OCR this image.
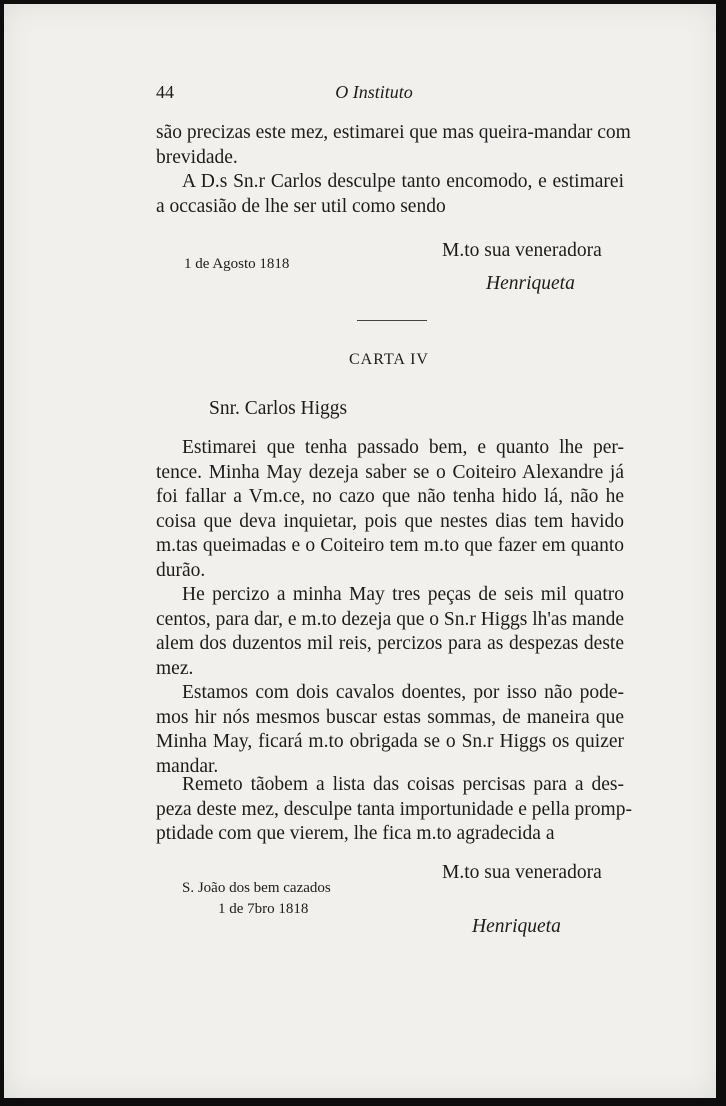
44	O Instituto
são precizas este mez, estimarei que mas queira-mandar com
brevidade.
A D.s Sn.r Carlos desculpe tanto encomodo, e estimarei
a occasião de lhe ser util como sendo
M.to sua veneradora
1 de Agosto 1818
Henriqueta
CARTA IV
Snr. Carlos Higgs
Estimarei que tenha passado bem, e quanto lhe per-
tence. Minha May dezeja saber se o Coiteiro Alexandre já
foi fallar a Vm.ce, no cazo que não tenha hido lá, não he
coisa que deva inquietar, pois que nestes dias tem havido
m.tas queimadas e o Coiteiro tem m.to que fazer em quanto
durão.
He percizo a minha May tres peças de seis mil quatro
centos, para dar, e m.to dezeja que o Sn.r Higgs lh'as mande
alem dos duzentos mil reis, percizos para as despezas deste
mez.
Estamos com dois cavalos doentes, por isso não pode-
mos hir nós mesmos buscar estas sommas, de maneira que
Minha May, ficará m.to obrigada se o Sn.r Higgs os quizer
mandar.
Remeto tãobem a lista das coisas percisas para a des-
peza deste mez, desculpe tanta importunidade e pella promp-
ptidade com que vierem, lhe fica m.to agradecida a
M.to sua veneradora
S. João dos bem cazados
1 de 7bro 1818
Henriqueta
